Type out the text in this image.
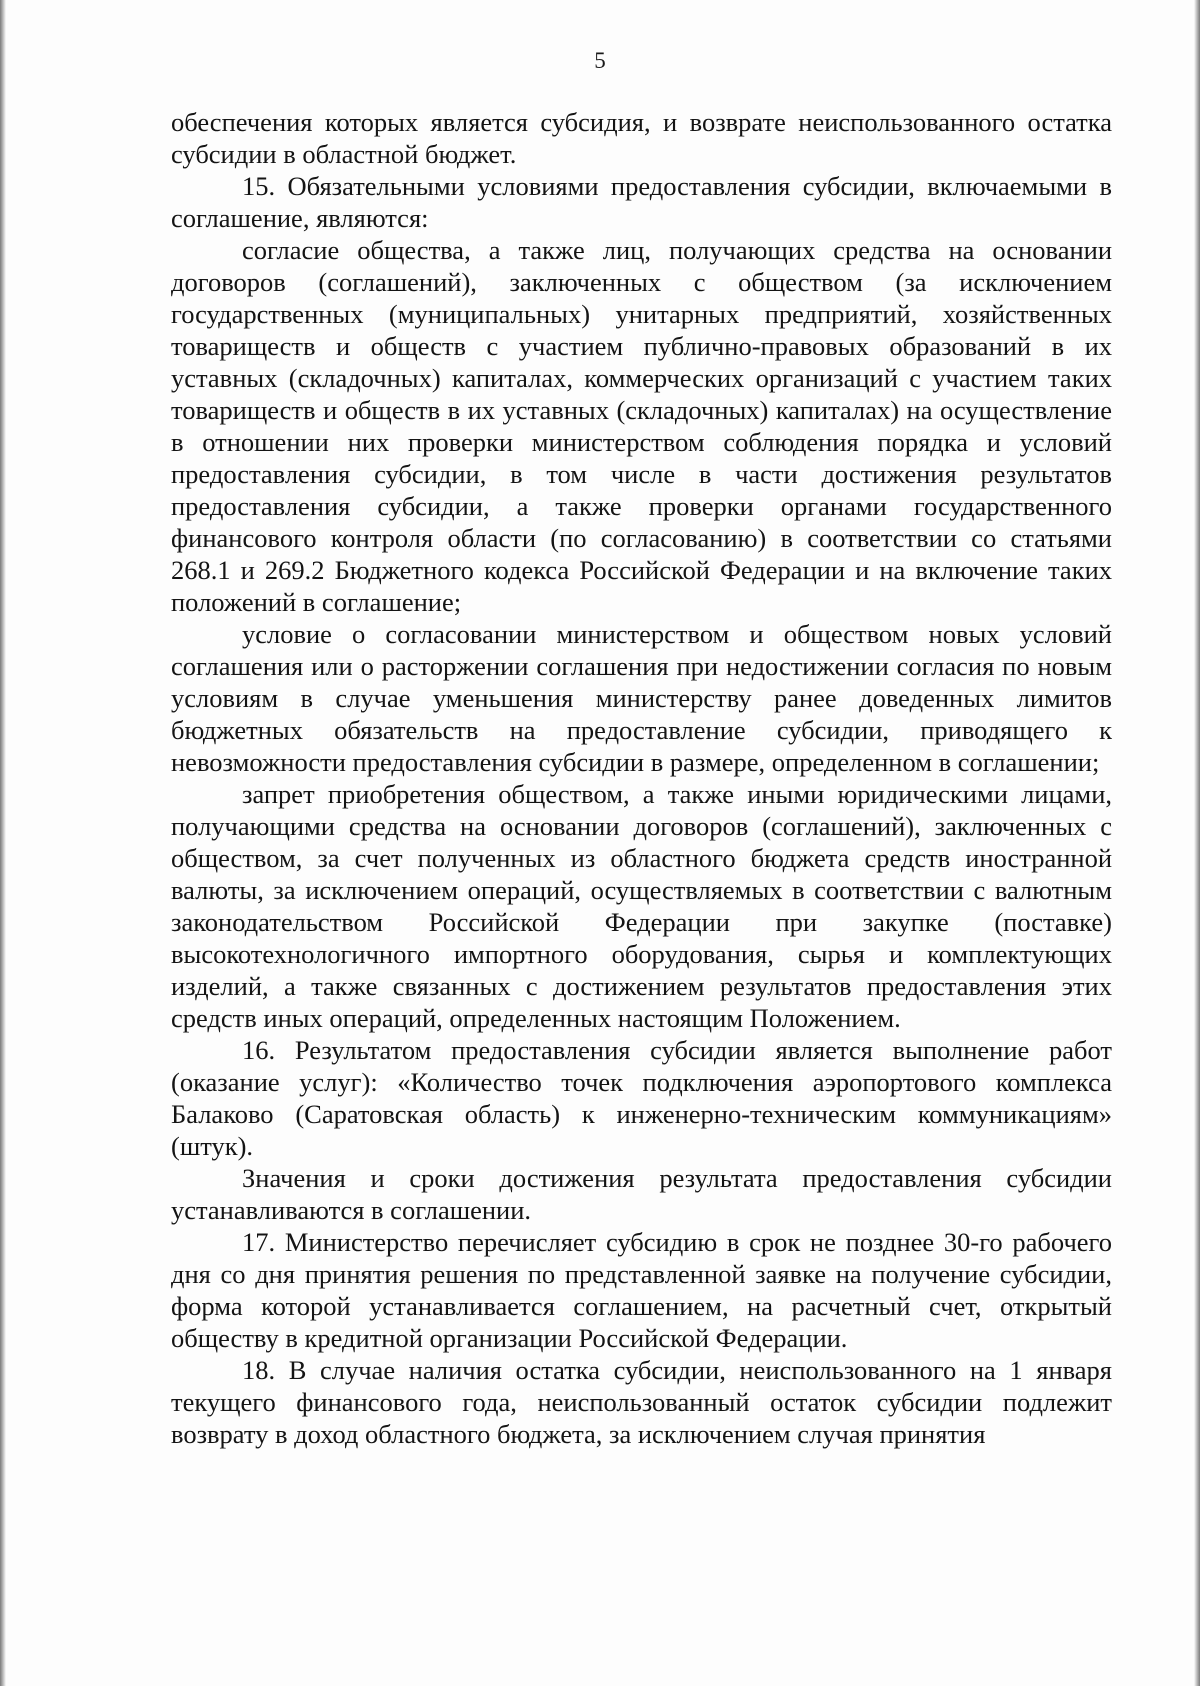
5

обеспечения которых является субсидия, и возврате неиспользованного остатка субсидии в областной бюджет.

15. Обязательными условиями предоставления субсидии, включаемыми в соглашение, являются:

согласие общества, а также лиц, получающих средства на основании договоров (соглашений), заключенных с обществом (за исключением государственных (муниципальных) унитарных предприятий, хозяйственных товариществ и обществ с участием публично-правовых образований в их уставных (складочных) капиталах, коммерческих организаций с участием таких товариществ и обществ в их уставных (складочных) капиталах) на осуществление в отношении них проверки министерством соблюдения порядка и условий предоставления субсидии, в том числе в части достижения результатов предоставления субсидии, а также проверки органами государственного финансового контроля области (по согласованию) в соответствии со статьями 268.1 и 269.2 Бюджетного кодекса Российской Федерации и на включение таких положений в соглашение;

условие о согласовании министерством и обществом новых условий соглашения или о расторжении соглашения при недостижении согласия по новым условиям в случае уменьшения министерству ранее доведенных лимитов бюджетных обязательств на предоставление субсидии, приводящего к невозможности предоставления субсидии в размере, определенном в соглашении;

запрет приобретения обществом, а также иными юридическими лицами, получающими средства на основании договоров (соглашений), заключенных с обществом, за счет полученных из областного бюджета средств иностранной валюты, за исключением операций, осуществляемых в соответствии с валютным законодательством Российской Федерации при закупке (поставке) высокотехнологичного импортного оборудования, сырья и комплектующих изделий, а также связанных с достижением результатов предоставления этих средств иных операций, определенных настоящим Положением.

16. Результатом предоставления субсидии является выполнение работ (оказание услуг): «Количество точек подключения аэропортового комплекса Балаково (Саратовская область) к инженерно-техническим коммуникациям» (штук).

Значения и сроки достижения результата предоставления субсидии устанавливаются в соглашении.

17. Министерство перечисляет субсидию в срок не позднее 30-го рабочего дня со дня принятия решения по представленной заявке на получение субсидии, форма которой устанавливается соглашением, на расчетный счет, открытый обществу в кредитной организации Российской Федерации.

18. В случае наличия остатка субсидии, неиспользованного на 1 января текущего финансового года, неиспользованный остаток субсидии подлежит возврату в доход областного бюджета, за исключением случая принятия
